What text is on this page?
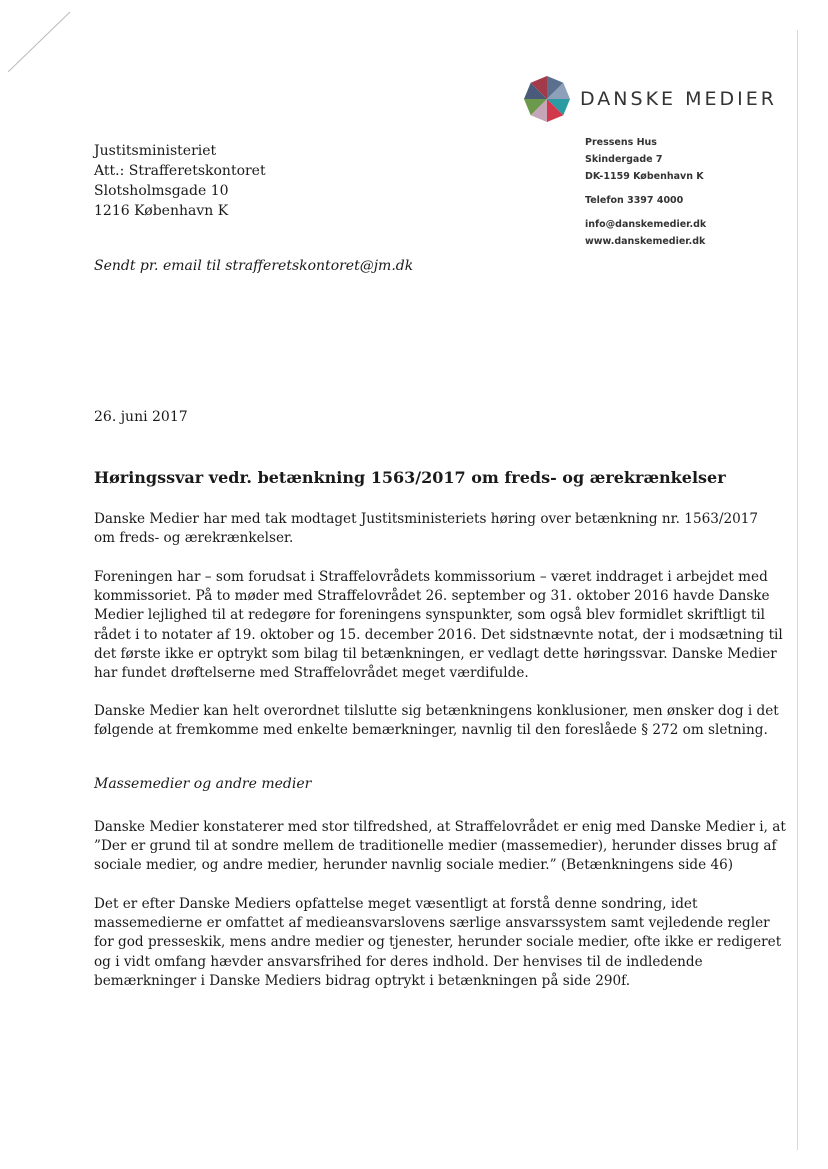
DANSKE MEDIER
Pressens Hus
Skindergade 7
DK-1159 København K
Telefon 3397 4000
info@danskemedier.dk
www.danskemedier.dk
Justitsministeriet
Att.: Strafferetskontoret
Slotsholmsgade 10
1216 København K
Sendt pr. email til strafferetskontoret@jm.dk
26. juni 2017
Høringssvar vedr. betænkning 1563/2017 om freds- og ærekrænkelser
Danske Medier har med tak modtaget Justitsministeriets høring over betænkning nr. 1563/2017
om freds- og ærekrænkelser.
Foreningen har – som forudsat i Straffelovrådets kommissorium – været inddraget i arbejdet med
kommissoriet. På to møder med Straffelovrådet 26. september og 31. oktober 2016 havde Danske
Medier lejlighed til at redegøre for foreningens synspunkter, som også blev formidlet skriftligt til
rådet i to notater af 19. oktober og 15. december 2016. Det sidstnævnte notat, der i modsætning til
det første ikke er optrykt som bilag til betænkningen, er vedlagt dette høringssvar. Danske Medier
har fundet drøftelserne med Straffelovrådet meget værdifulde.
Danske Medier kan helt overordnet tilslutte sig betænkningens konklusioner, men ønsker dog i det
følgende at fremkomme med enkelte bemærkninger, navnlig til den foreslåede § 272 om sletning.
Massemedier og andre medier
Danske Medier konstaterer med stor tilfredshed, at Straffelovrådet er enig med Danske Medier i, at
”Der er grund til at sondre mellem de traditionelle medier (massemedier), herunder disses brug af
sociale medier, og andre medier, herunder navnlig sociale medier.” (Betænkningens side 46)
Det er efter Danske Mediers opfattelse meget væsentligt at forstå denne sondring, idet
massemedierne er omfattet af medieansvarslovens særlige ansvarssystem samt vejledende regler
for god presseskik, mens andre medier og tjenester, herunder sociale medier, ofte ikke er redigeret
og i vidt omfang hævder ansvarsfrihed for deres indhold. Der henvises til de indledende
bemærkninger i Danske Mediers bidrag optrykt i betænkningen på side 290f.
